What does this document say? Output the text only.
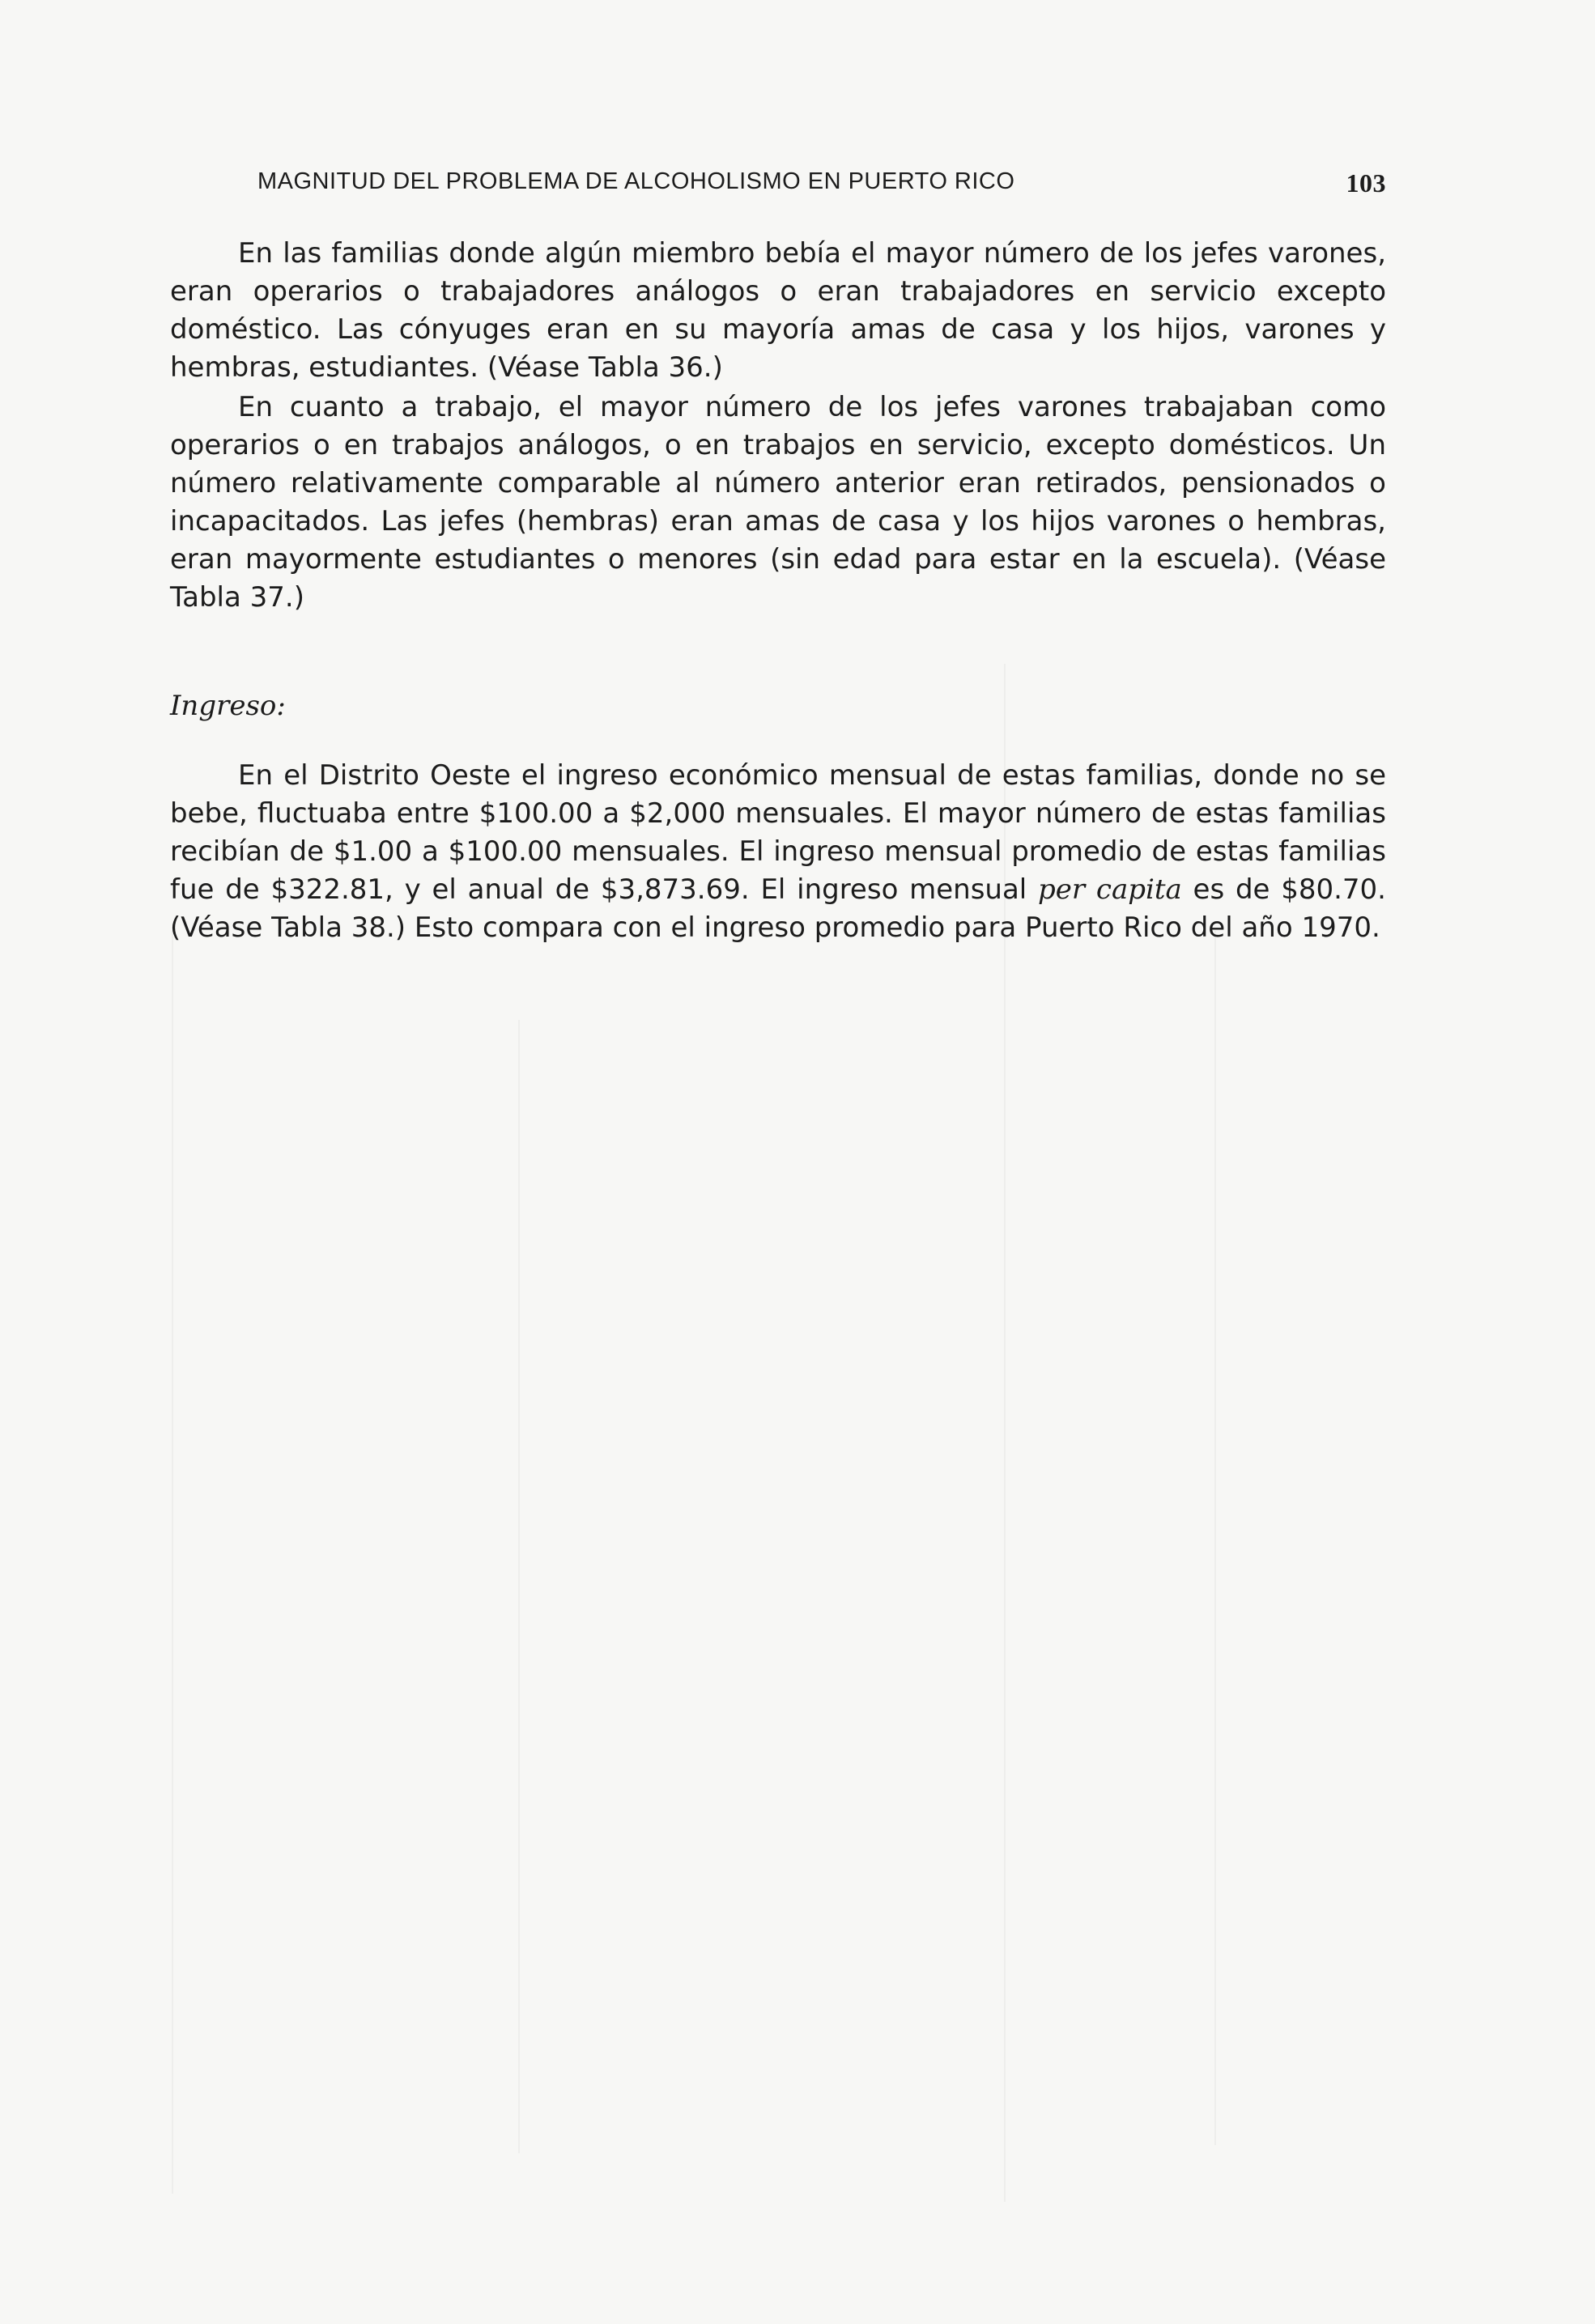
MAGNITUD DEL PROBLEMA DE ALCOHOLISMO EN PUERTO RICO	103

En las familias donde algún miembro bebía el mayor número de los jefes varones, eran operarios o trabajadores análogos o eran trabajadores en servicio excepto doméstico. Las cónyuges eran en su mayoría amas de casa y los hijos, varones y hembras, estudiantes. (Véase Tabla 36.)

En cuanto a trabajo, el mayor número de los jefes varones trabajaban como operarios o en trabajos análogos, o en trabajos en servicio, excepto domésticos. Un número relativamente comparable al número anterior eran retirados, pensionados o incapacitados. Las jefes (hembras) eran amas de casa y los hijos varones o hembras, eran mayormente estudiantes o menores (sin edad para estar en la escuela). (Véase Tabla 37.)

Ingreso:

En el Distrito Oeste el ingreso económico mensual de estas familias, donde no se bebe, fluctuaba entre $100.00 a $2,000 mensuales. El mayor número de estas familias recibían de $1.00 a $100.00 mensuales. El ingreso mensual promedio de estas familias fue de $322.81, y el anual de $3,873.69. El ingreso mensual per capita es de $80.70. (Véase Tabla 38.) Esto compara con el ingreso promedio para Puerto Rico del año 1970.
